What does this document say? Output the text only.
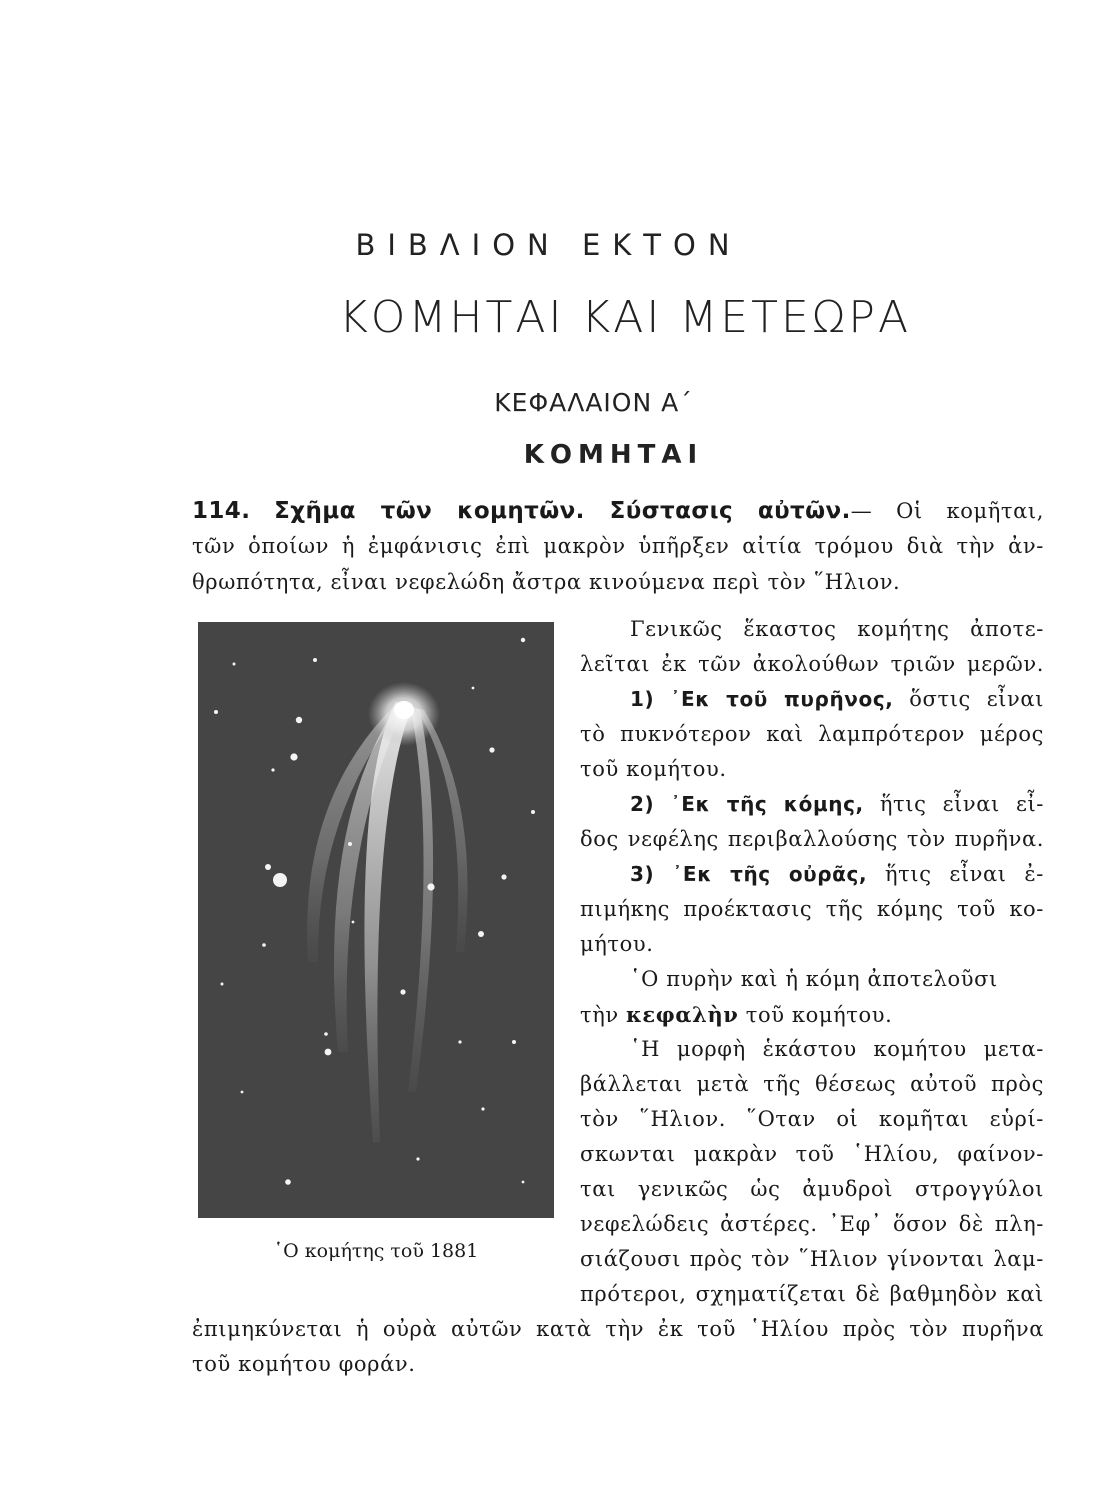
ΒΙΒΛΙΟΝ ΕΚΤΟΝ
ΚΟΜΗΤΑΙ ΚΑΙ ΜΕΤΕΩΡΑ
ΚΕΦΑΛΑΙΟΝ Α΄
ΚΟΜΗΤΑΙ
114. Σχῆμα τῶν κομητῶν. Σύστασις αὐτῶν.— Οἱ κομῆται,
τῶν ὁποίων ἡ ἐμφάνισις ἐπὶ μακρὸν ὑπῆρξεν αἰτία τρόμου διὰ τὴν ἀν-
θρωπότητα, εἶναι νεφελώδη ἄστρα κινούμενα περὶ τὸν ῞Ηλιον.
῾Ο κομήτης τοῦ 1881
Γενικῶς ἕκαστος κομήτης ἀποτε-
λεῖται ἐκ τῶν ἀκολούθων τριῶν μερῶν.
1) ᾿Εκ τοῦ πυρῆνος, ὅστις εἶναι
τὸ πυκνότερον καὶ λαμπρότερον μέρος
τοῦ κομήτου.
2) ᾿Εκ τῆς κόμης, ἥτις εἶναι εἶ-
δος νεφέλης περιβαλλούσης τὸν πυρῆνα.
3) ᾿Εκ τῆς οὐρᾶς, ἥτις εἶναι ἐ-
πιμήκης προέκτασις τῆς κόμης τοῦ κο-
μήτου.
῾Ο πυρὴν καὶ ἡ κόμη ἀποτελοῦσι
τὴν κεφαλὴν τοῦ κομήτου.
῾Η μορφὴ ἑκάστου κομήτου μετα-
βάλλεται μετὰ τῆς θέσεως αὐτοῦ πρὸς
τὸν ῞Ηλιον. ῞Οταν οἱ κομῆται εὑρί-
σκωνται μακρὰν τοῦ ῾Ηλίου, φαίνον-
ται γενικῶς ὡς ἀμυδροὶ στρογγύλοι
νεφελώδεις ἀστέρες. ᾿Εφ᾿ ὅσον δὲ πλη-
σιάζουσι πρὸς τὸν ῞Ηλιον γίνονται λαμ-
πρότεροι, σχηματίζεται δὲ βαθμηδὸν καὶ
ἐπιμηκύνεται ἡ οὐρὰ αὐτῶν κατὰ τὴν ἐκ τοῦ ῾Ηλίου πρὸς τὸν πυρῆνα
τοῦ κομήτου φοράν.
